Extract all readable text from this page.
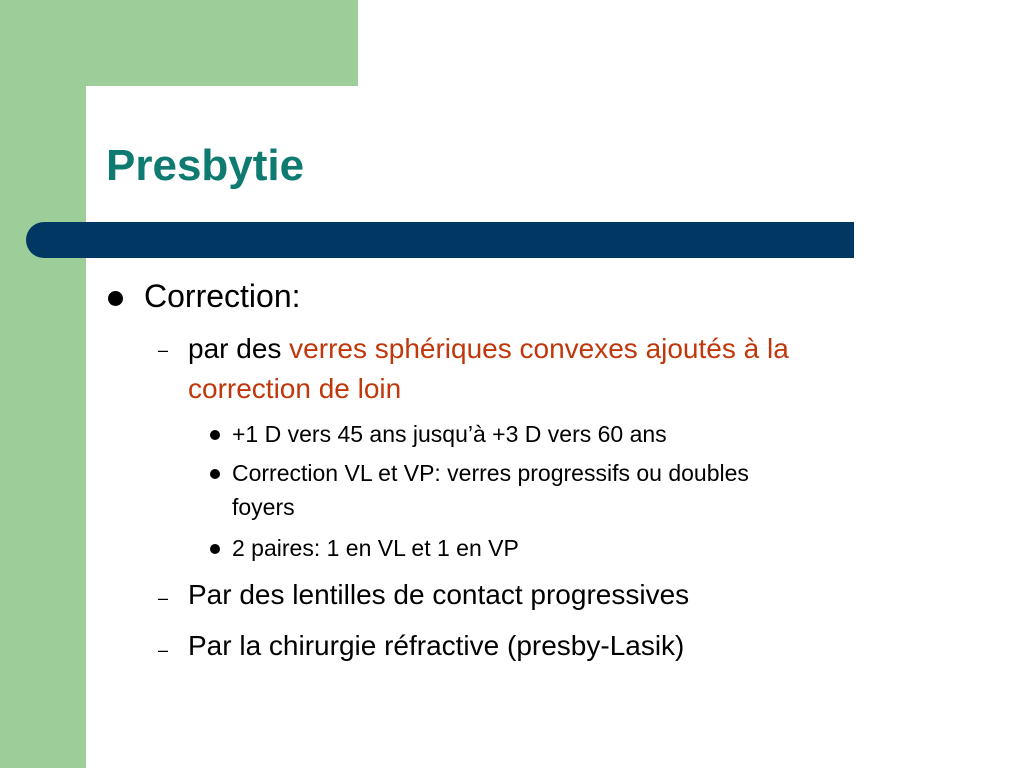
Presbytie
Correction:
– par des verres sphériques convexes ajoutés à la
correction de loin
+1 D vers 45 ans jusqu’à +3 D vers 60 ans
Correction VL et VP: verres progressifs ou doubles
foyers
2 paires: 1 en VL et 1 en VP
– Par des lentilles de contact progressives
– Par la chirurgie réfractive (presby-Lasik)
